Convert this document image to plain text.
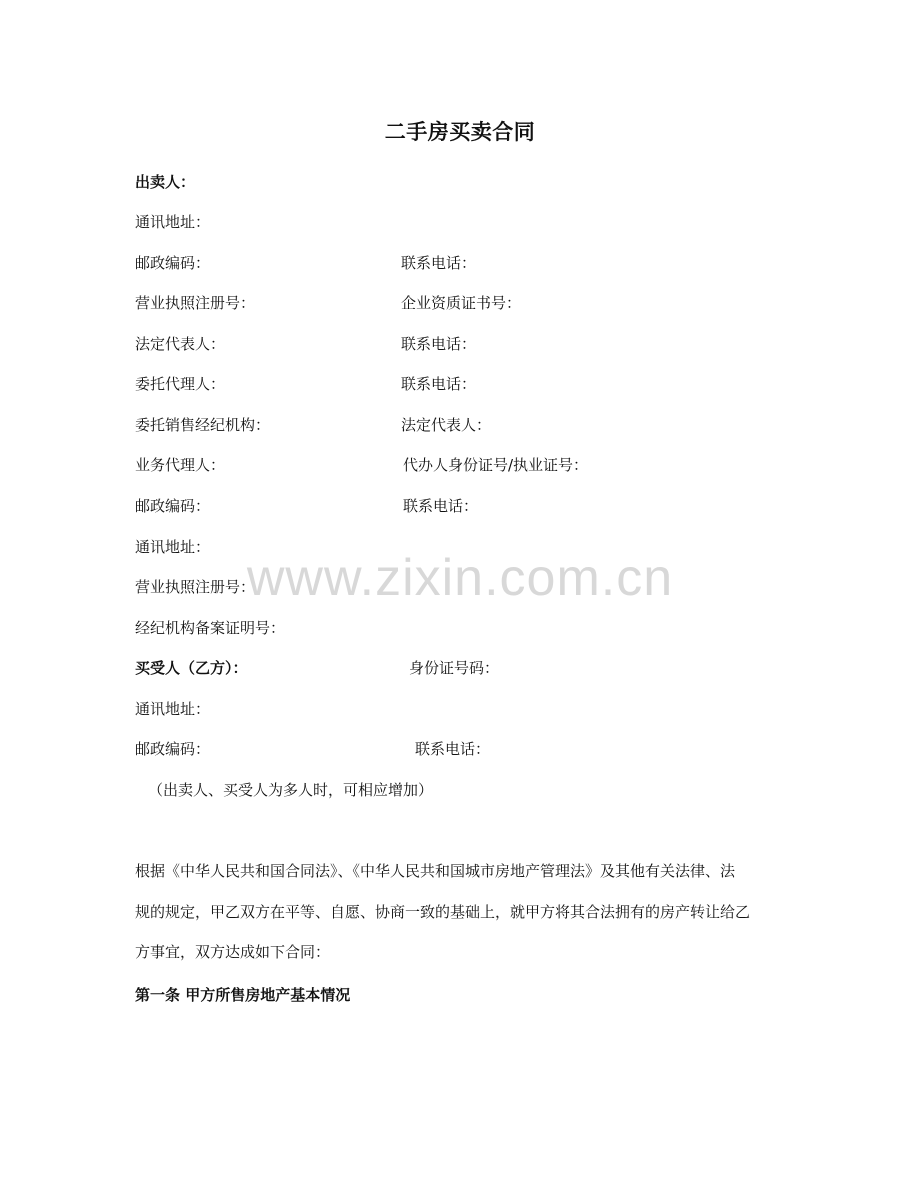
二手房买卖合同
www.zixin.com.cn
出卖人：
通讯地址：
邮政编码：	联系电话：
营业执照注册号：	企业资质证书号：
法定代表人：	联系电话：
委托代理人：	联系电话：
委托销售经纪机构：	法定代表人：
业务代理人：	代办人身份证号/执业证号：
邮政编码：	联系电话：
通讯地址：
营业执照注册号：
经纪机构备案证明号：
买受人（乙方）：	身份证号码：
通讯地址：
邮政编码：	联系电话：
（出卖人、买受人为多人时，可相应增加）
根据《中华人民共和国合同法》、《中华人民共和国城市房地产管理法》及其他有关法律、法
规的规定，甲乙双方在平等、自愿、协商一致的基础上，就甲方将其合法拥有的房产转让给乙
方事宜，双方达成如下合同：
第一条 甲方所售房地产基本情况
